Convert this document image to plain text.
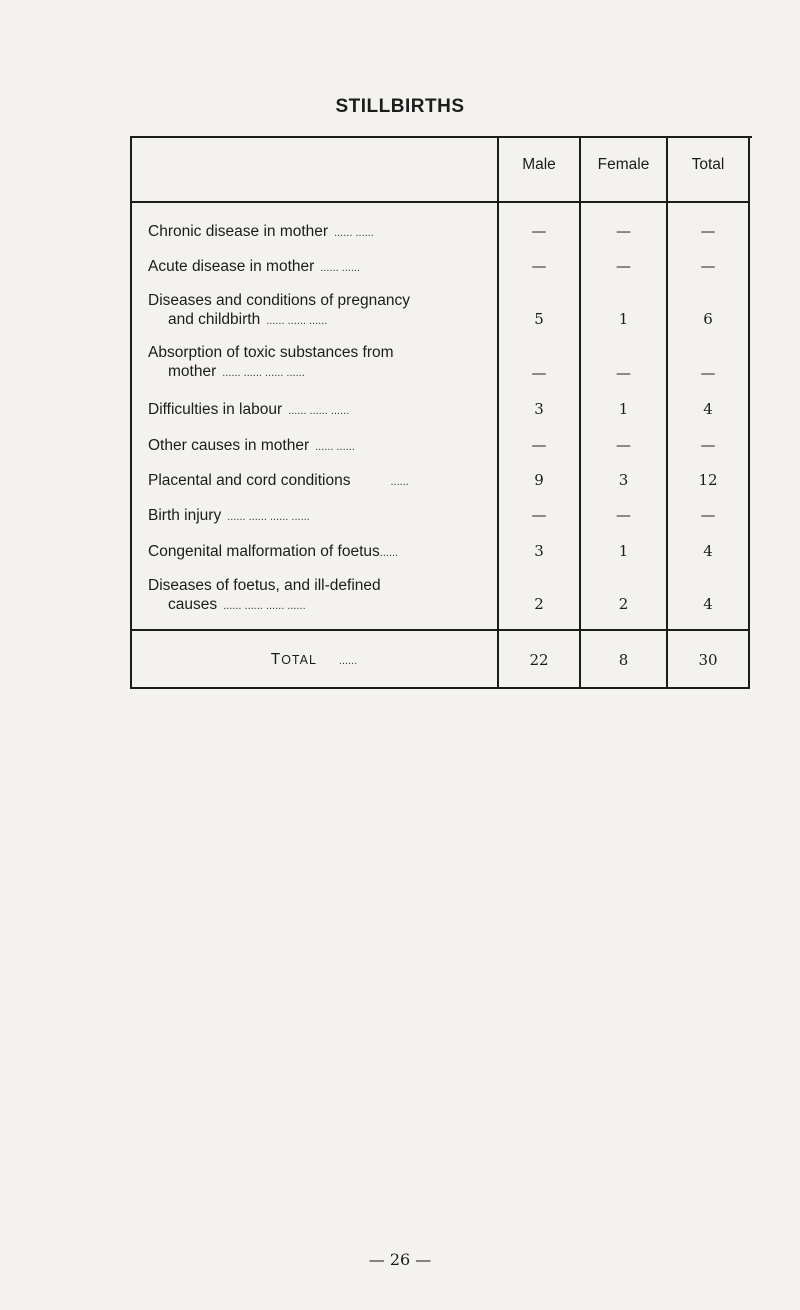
STILLBIRTHS
Male	Female	Total
Chronic disease in mother ...... ......	—	—	—
Acute disease in mother ...... ......	—	—	—
Diseases and conditions of pregnancy
and childbirth ...... ...... ......	5	1	6
Absorption of toxic substances from
mother ...... ...... ...... ......	—	—	—
Difficulties in labour ...... ...... ......	3	1	4
Other causes in mother ...... ......	—	—	—
Placental and cord conditions	......	9	3	12
Birth injury ...... ...... ...... ......	—	—	—
Congenital malformation of foetus......	3	1	4
Diseases of foetus, and ill-defined
causes ...... ...... ...... ......	2	2	4
TOTAL ......	22	8	30
— 26 —
